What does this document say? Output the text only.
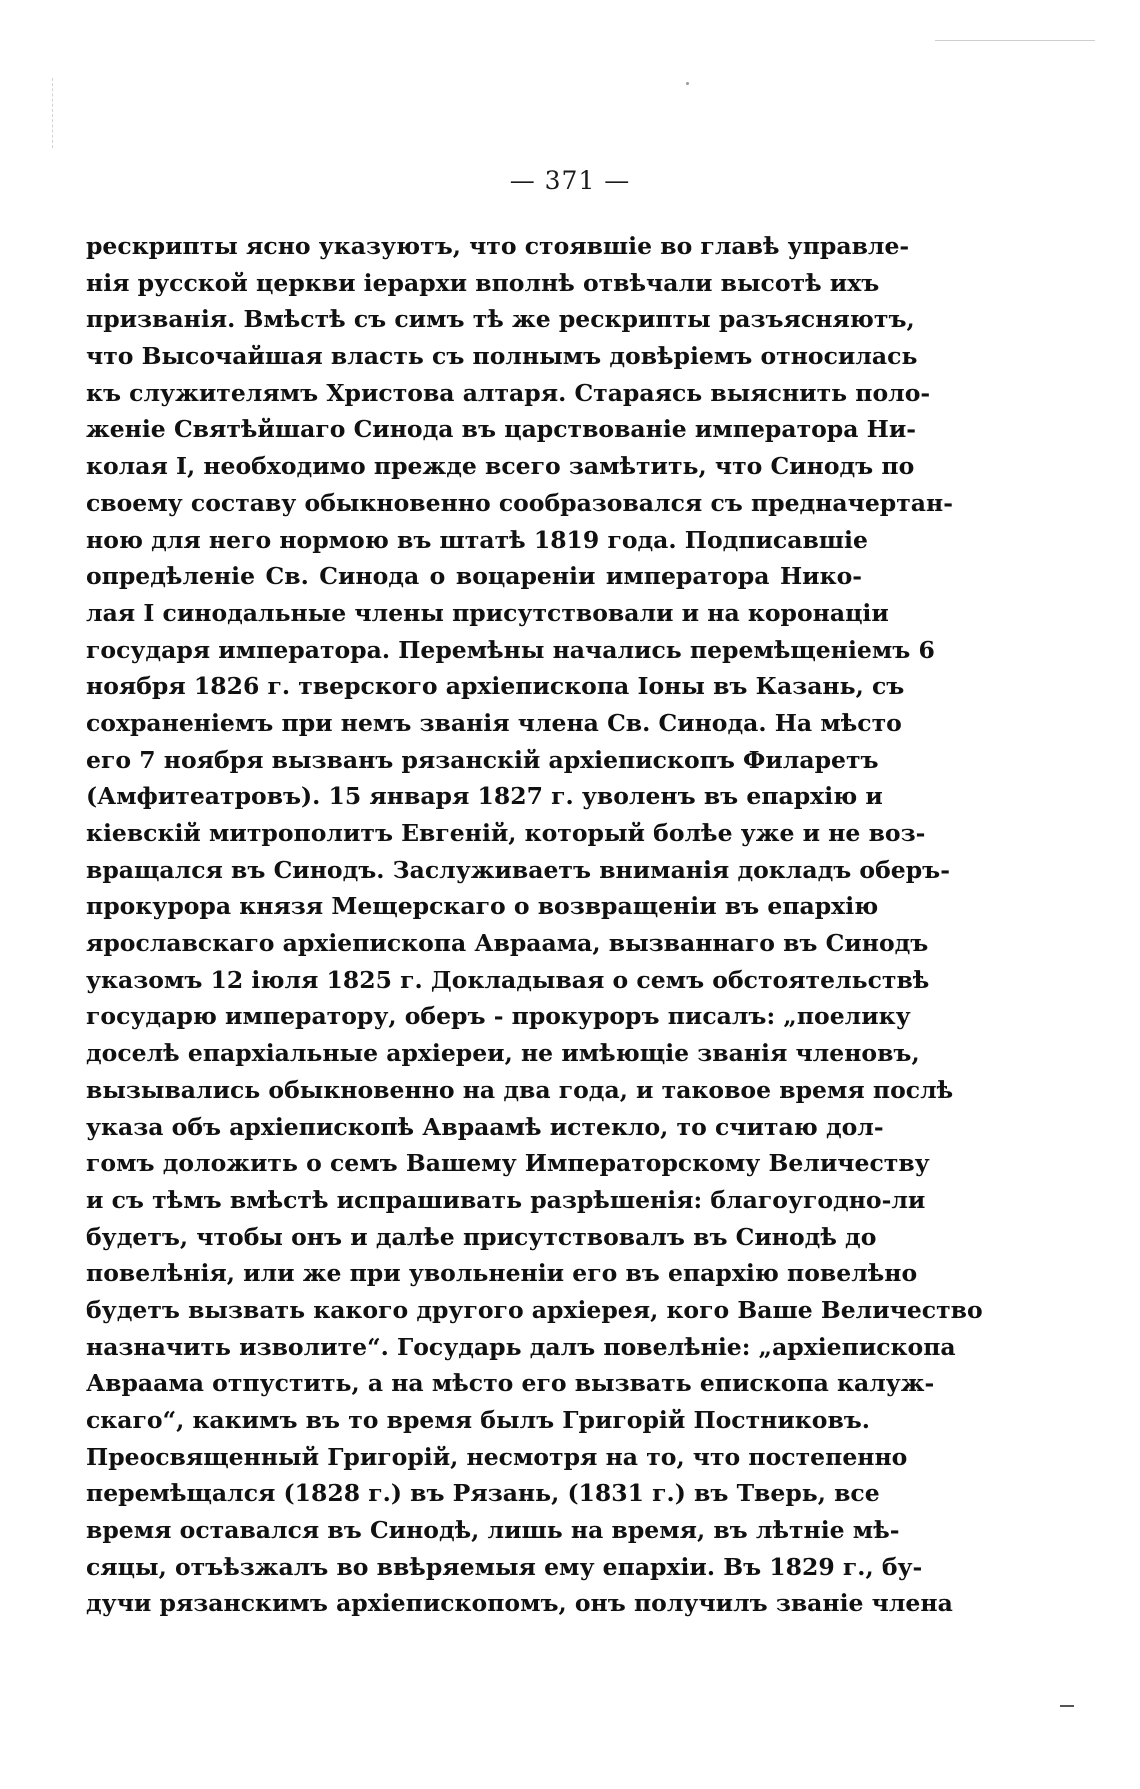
— 371 —
рескрипты ясно указуютъ, что стоявшіе во главѣ управле-
нія русской церкви іерархи вполнѣ отвѣчали высотѣ ихъ
призванія. Вмѣстѣ съ симъ тѣ же рескрипты разъясняютъ,
что Высочайшая власть съ полнымъ довѣріемъ относилась
къ служителямъ Христова алтаря. Стараясь выяснить поло-
женіе Святѣйшаго Синода въ царствованіе императора Ни-
колая I, необходимо прежде всего замѣтить, что Синодъ по
своему составу обыкновенно сообразовался съ предначертан-
ною для него нормою въ штатѣ 1819 года. Подписавшіе
опредѣленіе Св. Синода о воцареніи императора Нико-
лая I синодальные члены присутствовали и на коронаціи
государя императора. Перемѣны начались перемѣщеніемъ 6
ноября 1826 г. тверского архіепископа Іоны въ Казань, съ
сохраненіемъ при немъ званія члена Св. Синода. На мѣсто
его 7 ноября вызванъ рязанскій архіепископъ Филаретъ
(Амфитеатровъ). 15 января 1827 г. уволенъ въ епархію и
кіевскій митрополитъ Евгеній, который болѣе уже и не воз-
вращался въ Синодъ. Заслуживаетъ вниманія докладъ оберъ-
прокурора князя Мещерскаго о возвращеніи въ епархію
ярославскаго архіепископа Авраама, вызваннаго въ Синодъ
указомъ 12 іюля 1825 г. Докладывая о семъ обстоятельствѣ
государю императору, оберъ - прокуроръ писалъ: „поелику
доселѣ епархіальные архіереи, не имѣющіе званія членовъ,
вызывались обыкновенно на два года, и таковое время послѣ
указа объ архіепископѣ Авраамѣ истекло, то считаю дол-
гомъ доложить о семъ Вашему Императорскому Величеству
и съ тѣмъ вмѣстѣ испрашивать разрѣшенія: благоугодно-ли
будетъ, чтобы онъ и далѣе присутствовалъ въ Синодѣ до
повелѣнія, или же при увольненіи его въ епархію повелѣно
будетъ вызвать какого другого архіерея, кого Ваше Величество
назначить изволите“. Государь далъ повелѣніе: „архіепископа
Авраама отпустить, а на мѣсто его вызвать епископа калуж-
скаго“, какимъ въ то время былъ Григорій Постниковъ.
Преосвященный Григорій, несмотря на то, что постепенно
перемѣщался (1828 г.) въ Рязань, (1831 г.) въ Тверь, все
время оставался въ Синодѣ, лишь на время, въ лѣтніе мѣ-
сяцы, отъѣзжалъ во ввѣряемыя ему епархіи. Въ 1829 г., бу-
дучи рязанскимъ архіепископомъ, онъ получилъ званіе члена
